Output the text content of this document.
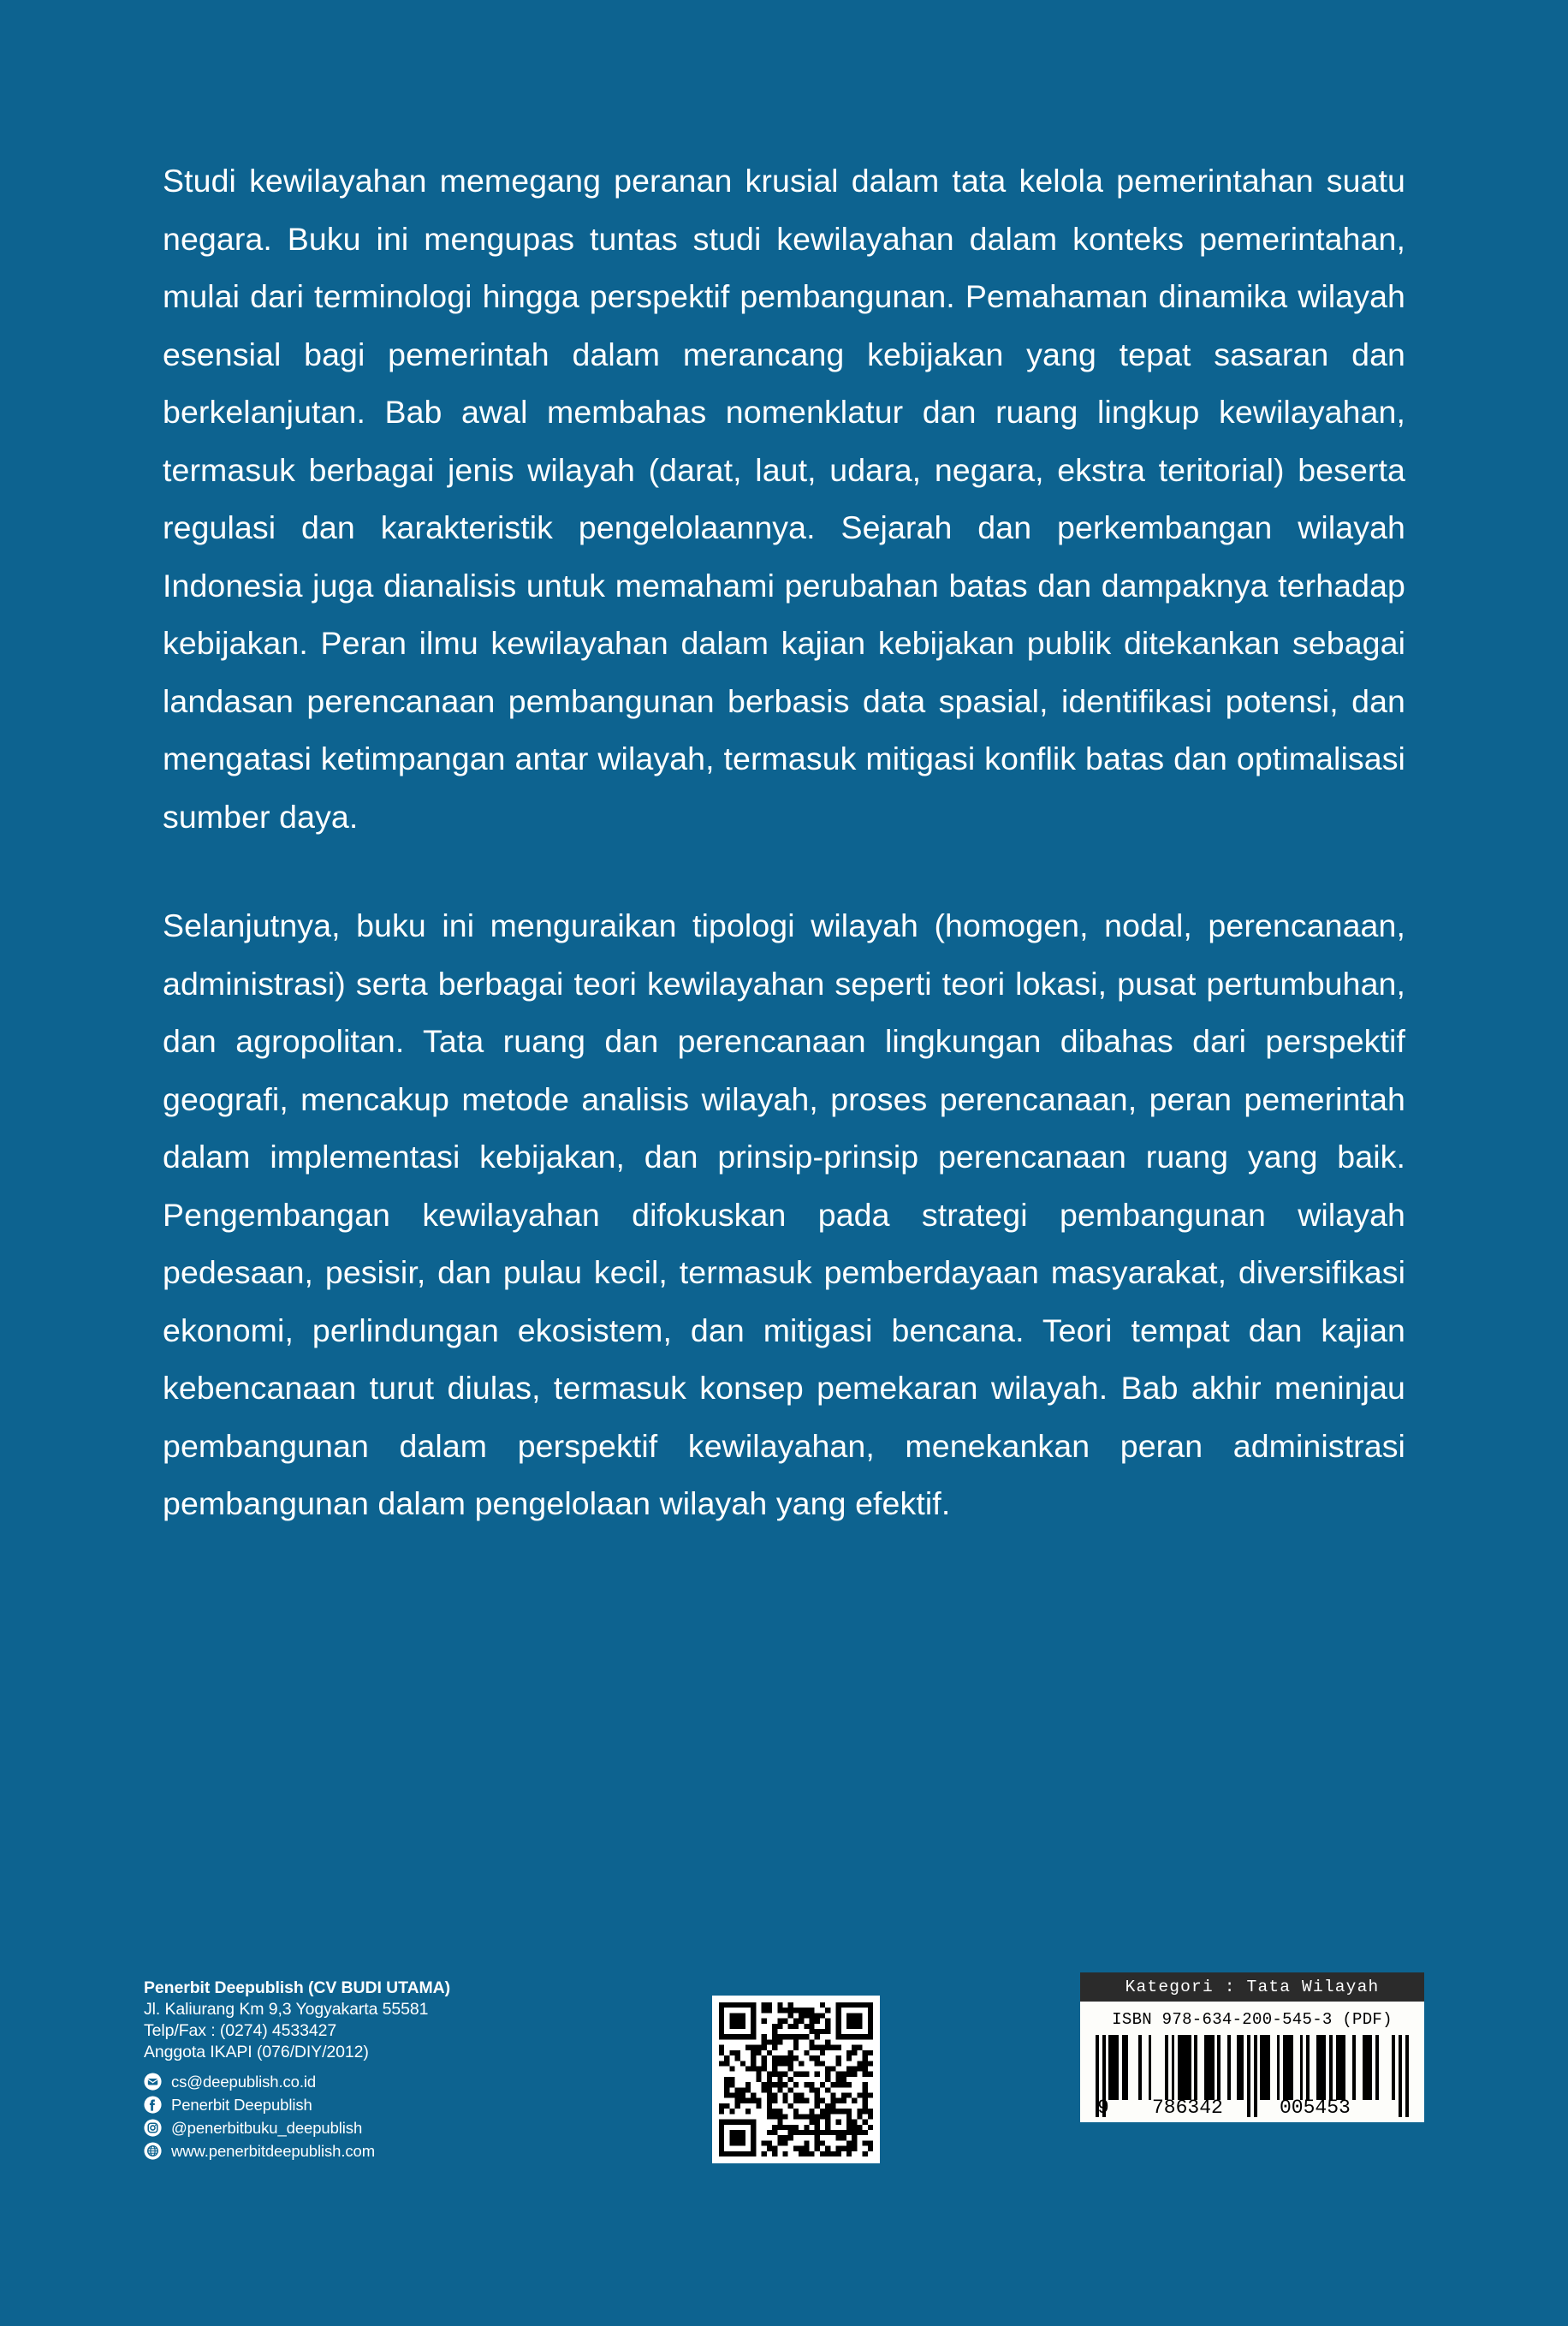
Studi kewilayahan memegang peranan krusial dalam tata kelola pemerintahan suatu negara. Buku ini mengupas tuntas studi kewilayahan dalam konteks pemerintahan, mulai dari terminologi hingga perspektif pembangunan. Pemahaman dinamika wilayah esensial bagi pemerintah dalam merancang kebijakan yang tepat sasaran dan berkelanjutan. Bab awal membahas nomenklatur dan ruang lingkup kewilayahan, termasuk berbagai jenis wilayah (darat, laut, udara, negara, ekstra teritorial) beserta regulasi dan karakteristik pengelolaannya. Sejarah dan perkembangan wilayah Indonesia juga dianalisis untuk memahami perubahan batas dan dampaknya terhadap kebijakan. Peran ilmu kewilayahan dalam kajian kebijakan publik ditekankan sebagai landasan perencanaan pembangunan berbasis data spasial, identifikasi potensi, dan mengatasi ketimpangan antar wilayah, termasuk mitigasi konflik batas dan optimalisasi sumber daya.

Selanjutnya, buku ini menguraikan tipologi wilayah (homogen, nodal, perencanaan, administrasi) serta berbagai teori kewilayahan seperti teori lokasi, pusat pertumbuhan, dan agropolitan. Tata ruang dan perencanaan lingkungan dibahas dari perspektif geografi, mencakup metode analisis wilayah, proses perencanaan, peran pemerintah dalam implementasi kebijakan, dan prinsip-prinsip perencanaan ruang yang baik. Pengembangan kewilayahan difokuskan pada strategi pembangunan wilayah pedesaan, pesisir, dan pulau kecil, termasuk pemberdayaan masyarakat, diversifikasi ekonomi, perlindungan ekosistem, dan mitigasi bencana. Teori tempat dan kajian kebencanaan turut diulas, termasuk konsep pemekaran wilayah. Bab akhir meninjau pembangunan dalam perspektif kewilayahan, menekankan peran administrasi pembangunan dalam pengelolaan wilayah yang efektif.

Penerbit Deepublish (CV BUDI UTAMA)
Jl. Kaliurang Km 9,3 Yogyakarta 55581
Telp/Fax : (0274) 4533427
Anggota IKAPI (076/DIY/2012)
cs@deepublish.co.id
Penerbit Deepublish
@penerbitbuku_deepublish
www.penerbitdeepublish.com
Kategori : Tata Wilayah
ISBN 978-634-200-545-3 (PDF)
9 786342	005453
